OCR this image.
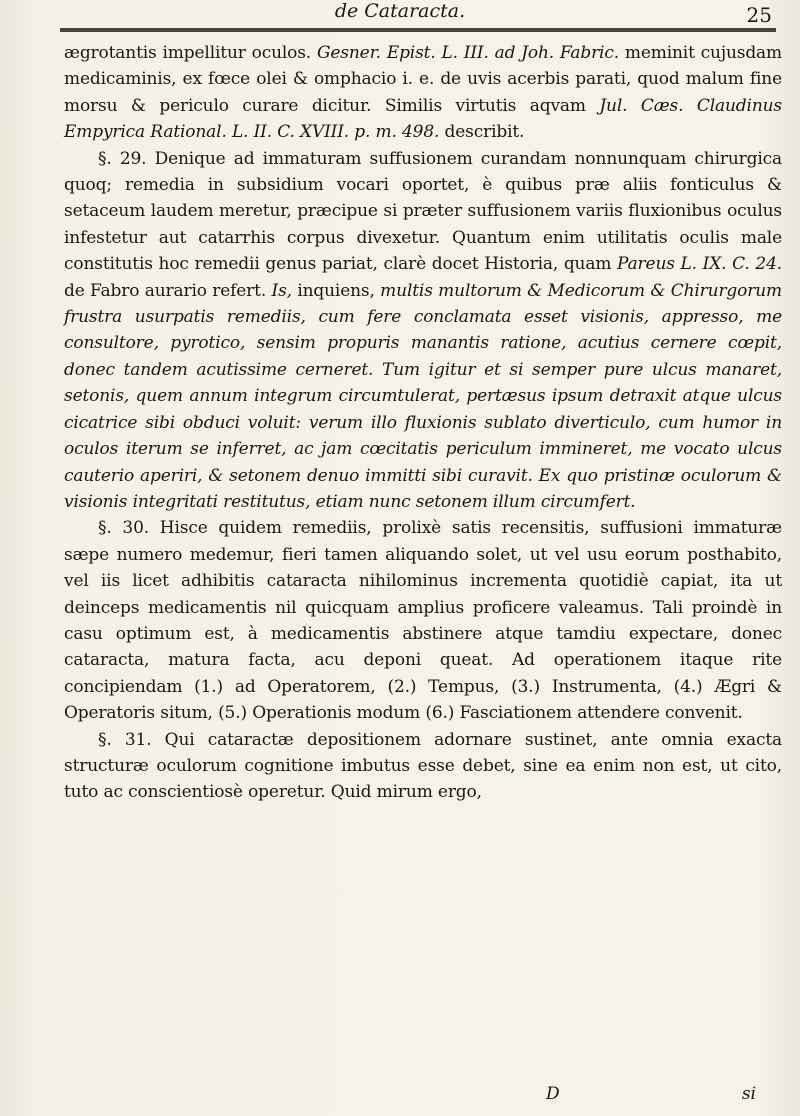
de Cataracta.	25

ægrotantis impellitur oculos. Gesner. Epist. L. III. ad Joh. Fabric. meminit cujusdam medicaminis, ex fœce olei & omphacio i. e. de uvis acerbis parati, quod malum fine morsu & periculo curare dicitur. Similis virtutis aqvam Jul. Cæs. Claudinus Empyrica Rational. L. II. C. XVIII. p. m. 498. describit.

§. 29. Denique ad immaturam suffusionem curandam nonnunquam chirurgica quoq; remedia in subsidium vocari oportet, è quibus præ aliis fonticulus & setaceum laudem meretur, præcipue si præter suffusionem variis fluxionibus oculus infestetur aut catarrhis corpus divexetur. Quantum enim utilitatis oculis male constitutis hoc remedii genus pariat, clarè docet Historia, quam Pareus L. IX. C. 24. de Fabro aurario refert. Is, inquiens, multis multorum & Medicorum & Chirurgorum frustra usurpatis remediis, cum fere conclamata esset visionis, appresso, me consultore, pyrotico, sensim propuris manantis ratione, acutius cernere cœpit, donec tandem acutissime cerneret. Tum igitur et si semper pure ulcus manaret, setonis, quem annum integrum circumtulerat, pertæsus ipsum detraxit atque ulcus cicatrice sibi obduci voluit: verum illo fluxionis sublato diverticulo, cum humor in oculos iterum se inferret, ac jam cœcitatis periculum immineret, me vocato ulcus cauterio aperiri, & setonem denuo immitti sibi curavit. Ex quo pristinæ oculorum & visionis integritati restitutus, etiam nunc setonem illum circumfert.

§. 30. Hisce quidem remediis, prolixè satis recensitis, suffusioni immaturæ sæpe numero medemur, fieri tamen aliquando solet, ut vel usu eorum posthabito, vel iis licet adhibitis cataracta nihilominus incrementa quotidiè capiat, ita ut deinceps medicamentis nil quicquam amplius proficere valeamus. Tali proindè in casu optimum est, à medicamentis abstinere atque tamdiu expectare, donec cataracta, matura facta, acu deponi queat. Ad operationem itaque rite concipiendam (1.) ad Operatorem, (2.) Tempus, (3.) Instrumenta, (4.) Ægri & Operatoris situm, (5.) Operationis modum (6.) Fasciationem attendere convenit.

§. 31. Qui cataractæ depositionem adornare sustinet, ante omnia exacta structuræ oculorum cognitione imbutus esse debet, sine ea enim non est, ut cito, tuto ac conscientiosè operetur. Quid mirum ergo,

D	si
